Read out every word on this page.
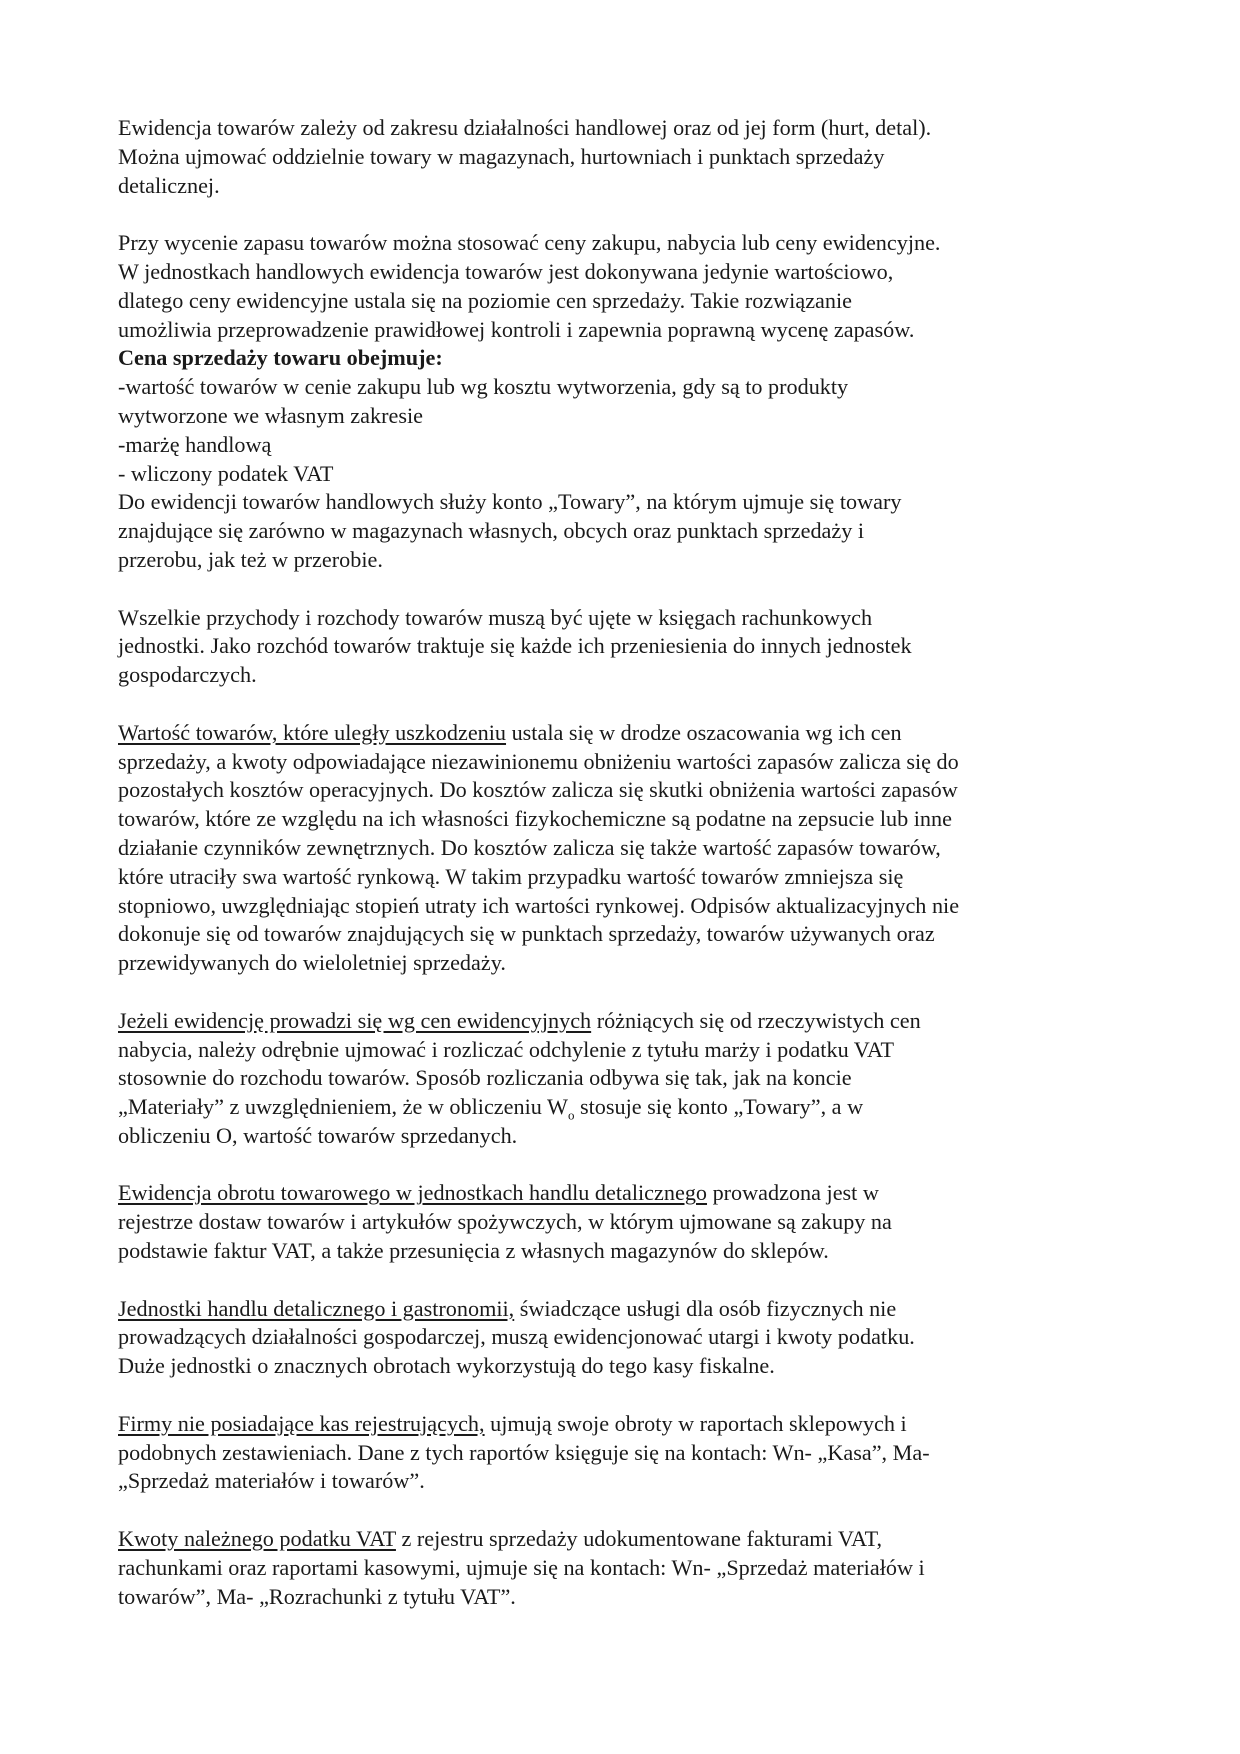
Ewidencja towarów zależy od zakresu działalności handlowej oraz od jej form (hurt, detal).
Można ujmować oddzielnie towary w magazynach, hurtowniach i punktach sprzedaży
detalicznej.
Przy wycenie zapasu towarów można stosować ceny zakupu, nabycia lub ceny ewidencyjne.
W jednostkach handlowych ewidencja towarów jest dokonywana jedynie wartościowo,
dlatego ceny ewidencyjne ustala się na poziomie cen sprzedaży. Takie rozwiązanie
umożliwia przeprowadzenie prawidłowej kontroli i zapewnia poprawną wycenę zapasów.
Cena sprzedaży towaru obejmuje:
-wartość towarów w cenie zakupu lub wg kosztu wytworzenia, gdy są to produkty
wytworzone we własnym zakresie
-marżę handlową
- wliczony podatek VAT
Do ewidencji towarów handlowych służy konto „Towary”, na którym ujmuje się towary
znajdujące się zarówno w magazynach własnych, obcych oraz punktach sprzedaży i
przerobu, jak też w przerobie.
Wszelkie przychody i rozchody towarów muszą być ujęte w księgach rachunkowych
jednostki. Jako rozchód towarów traktuje się każde ich przeniesienia do innych jednostek
gospodarczych.
Wartość towarów, które uległy uszkodzeniu ustala się w drodze oszacowania wg ich cen
sprzedaży, a kwoty odpowiadające niezawinionemu obniżeniu wartości zapasów zalicza się do
pozostałych kosztów operacyjnych. Do kosztów zalicza się skutki obniżenia wartości zapasów
towarów, które ze względu na ich własności fizykochemiczne są podatne na zepsucie lub inne
działanie czynników zewnętrznych. Do kosztów zalicza się także wartość zapasów towarów,
które utraciły swa wartość rynkową. W takim przypadku wartość towarów zmniejsza się
stopniowo, uwzględniając stopień utraty ich wartości rynkowej. Odpisów aktualizacyjnych nie
dokonuje się od towarów znajdujących się w punktach sprzedaży, towarów używanych oraz
przewidywanych do wieloletniej sprzedaży.
Jeżeli ewidencję prowadzi się wg cen ewidencyjnych różniących się od rzeczywistych cen
nabycia, należy odrębnie ujmować i rozliczać odchylenie z tytułu marży i podatku VAT
stosownie do rozchodu towarów. Sposób rozliczania odbywa się tak, jak na koncie
„Materiały” z uwzględnieniem, że w obliczeniu $W_o$ stosuje się konto „Towary”, a w
obliczeniu O, wartość towarów sprzedanych.
Ewidencja obrotu towarowego w jednostkach handlu detalicznego prowadzona jest w
rejestrze dostaw towarów i artykułów spożywczych, w którym ujmowane są zakupy na
podstawie faktur VAT, a także przesunięcia z własnych magazynów do sklepów.
Jednostki handlu detalicznego i gastronomii, świadczące usługi dla osób fizycznych nie
prowadzących działalności gospodarczej, muszą ewidencjonować utargi i kwoty podatku.
Duże jednostki o znacznych obrotach wykorzystują do tego kasy fiskalne.
Firmy nie posiadające kas rejestrujących, ujmują swoje obroty w raportach sklepowych i
podobnych zestawieniach. Dane z tych raportów księguje się na kontach: Wn- „Kasa”, Ma-
„Sprzedaż materiałów i towarów”.
Kwoty należnego podatku VAT z rejestru sprzedaży udokumentowane fakturami VAT,
rachunkami oraz raportami kasowymi, ujmuje się na kontach: Wn- „Sprzedaż materiałów i
towarów”, Ma- „Rozrachunki z tytułu VAT”.
